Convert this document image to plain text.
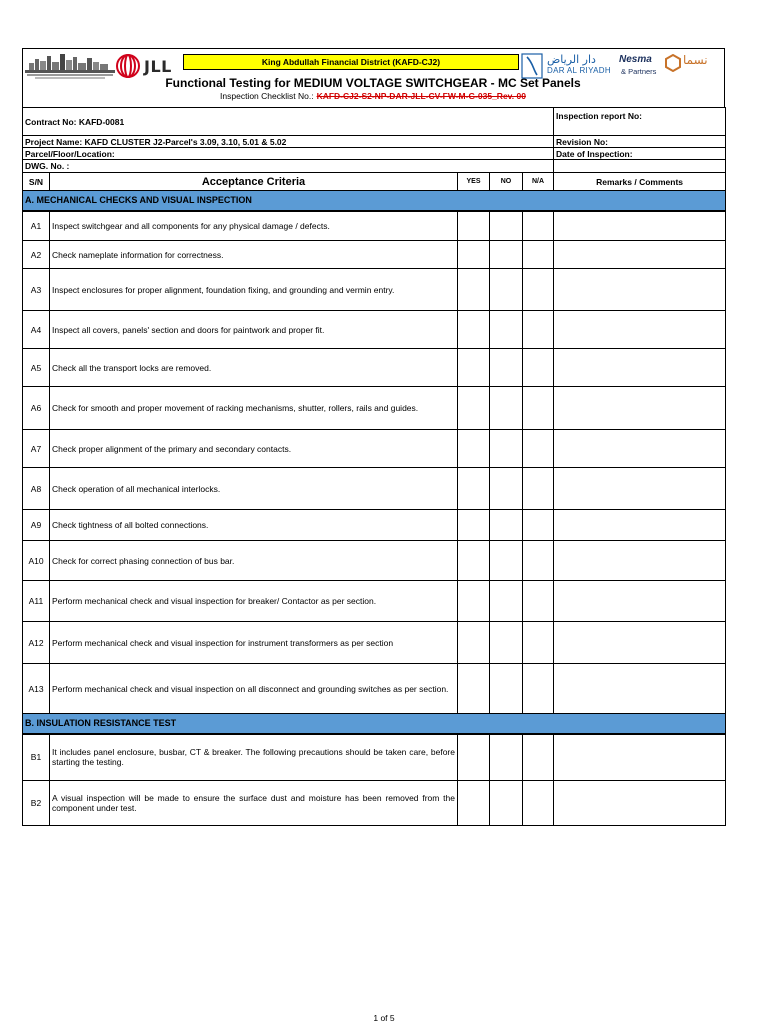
JLL	King Abdullah Financial District (KAFD-CJ2)
Functional Testing for MEDIUM VOLTAGE SWITCHGEAR - MC Set Panels
Inspection Checklist No.: KAFD-CJ2-S2-NP-DAR-JLL-CV-FW-M-G-035_Rev. 00
دار الرياض
DAR AL RIYADH
Nesma
& Partners
نسما
Contract No: KAFD-0081					Inspection report No:
Project Name: KAFD CLUSTER J2-Parcel's 3.09, 3.10, 5.01 & 5.02					Revision No:
Parcel/Floor/Location:					Date of Inspection:
DWG. No. :					
S/N	Acceptance Criteria	YES	NO	N/A	Remarks / Comments
A. MECHANICAL CHECKS AND VISUAL INSPECTION					
A1	Inspect switchgear and all components for any physical damage / defects.				
A2	Check nameplate information for correctness.				
A3	Inspect enclosures for proper alignment, foundation fixing, and grounding and vermin entry.				
A4	Inspect all covers, panels' section and doors for paintwork and proper fit.				
A5	Check all the transport locks are removed.				
A6	Check for smooth and proper movement of racking mechanisms, shutter, rollers, rails and guides.				
A7	Check proper alignment of the primary and secondary contacts.				
A8	Check operation of all mechanical interlocks.				
A9	Check tightness of all bolted connections.				
A10	Check for correct phasing connection of bus bar.				
A11	Perform mechanical check and visual inspection for breaker/ Contactor as per section.				
A12	Perform mechanical check and visual inspection for instrument transformers as per section				
A13	Perform mechanical check and visual inspection on all disconnect and grounding switches as per section.				
B. INSULATION RESISTANCE TEST					
B1	It includes panel enclosure, busbar, CT & breaker. The following precautions should be taken care, before starting the testing.				
B2	A visual inspection will be made to ensure the surface dust and moisture has been removed from the component under test.				
1 of 5
